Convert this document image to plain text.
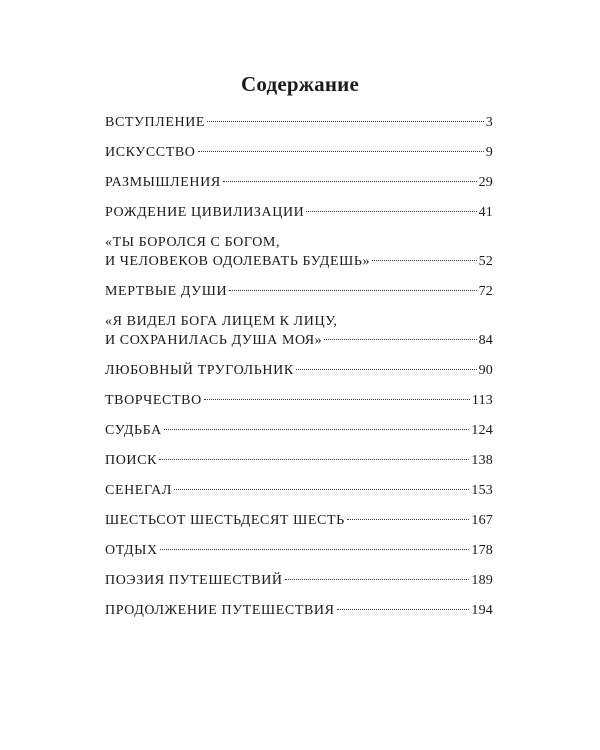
Содержание
ВСТУПЛЕНИЕ	3
ИСКУССТВО	9
РАЗМЫШЛЕНИЯ	29
РОЖДЕНИЕ ЦИВИЛИЗАЦИИ	41
«ТЫ БОРОЛСЯ С БОГОМ,
И ЧЕЛОВЕКОВ ОДОЛЕВАТЬ БУДЕШЬ»	52
МЕРТВЫЕ ДУШИ	72
«Я ВИДЕЛ БОГА ЛИЦЕМ К ЛИЦУ,
И СОХРАНИЛАСЬ ДУША МОЯ»	84
ЛЮБОВНЫЙ ТРУГОЛЬНИК	90
ТВОРЧЕСТВО	113
СУДЬБА	124
ПОИСК	138
СЕНЕГАЛ	153
ШЕСТЬСОТ ШЕСТЬДЕСЯТ ШЕСТЬ	167
ОТДЫХ	178
ПОЭЗИЯ ПУТЕШЕСТВИЙ	189
ПРОДОЛЖЕНИЕ ПУТЕШЕСТВИЯ	194
